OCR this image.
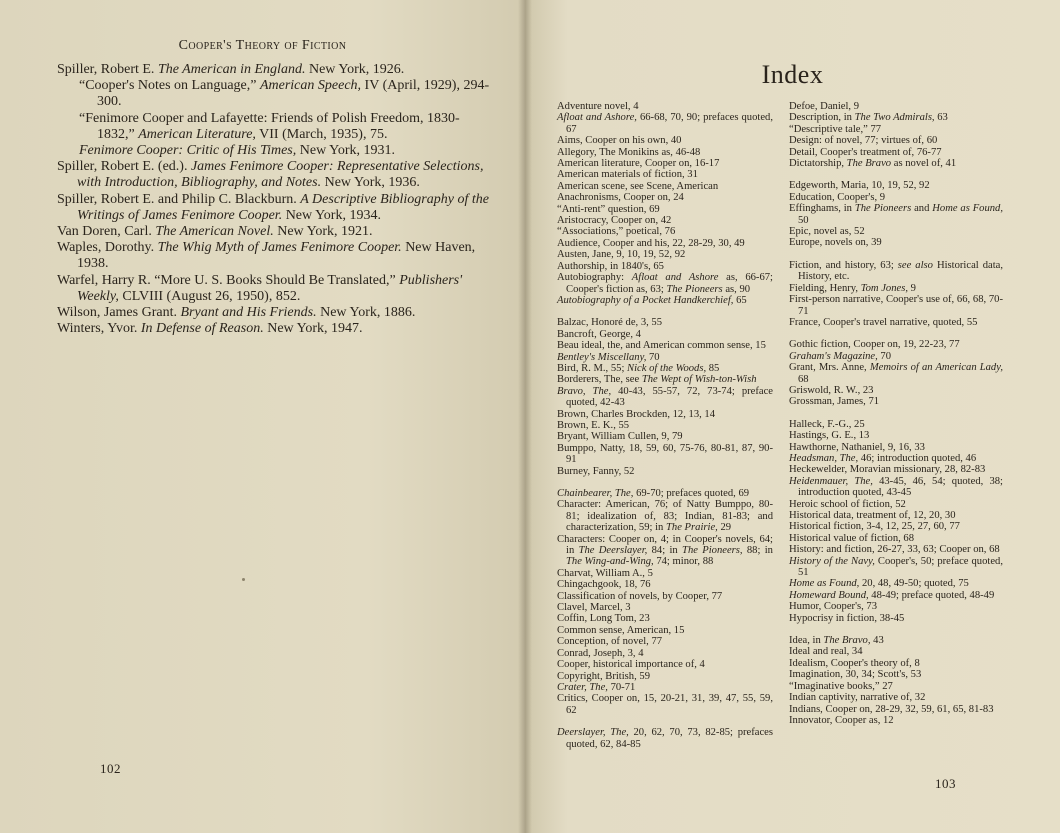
Cooper's Theory of Fiction

Spiller, Robert E. The American in England. New York, 1926.

“Cooper's Notes on Language,” American Speech, IV (April, 1929), 294-300.

“Fenimore Cooper and Lafayette: Friends of Polish Freedom, 1830-1832,” American Literature, VII (March, 1935), 75.

Fenimore Cooper: Critic of His Times, New York, 1931.

Spiller, Robert E. (ed.). James Fenimore Cooper: Representative Selections, with Introduction, Bibliography, and Notes. New York, 1936.

Spiller, Robert E. and Philip C. Blackburn. A Descriptive Bibliography of the Writings of James Fenimore Cooper. New York, 1934.

Van Doren, Carl. The American Novel. New York, 1921.

Waples, Dorothy. The Whig Myth of James Fenimore Cooper. New Haven, 1938.

Warfel, Harry R. “More U. S. Books Should Be Translated,” Publishers' Weekly, CLVIII (August 26, 1950), 852.

Wilson, James Grant. Bryant and His Friends. New York, 1886.

Winters, Yvor. In Defense of Reason. New York, 1947.

102
Index

Adventure novel, 4

Afloat and Ashore, 66-68, 70, 90; prefaces quoted, 67

Aims, Cooper on his own, 40

Allegory, The Monikins as, 46-48

American literature, Cooper on, 16-17

American materials of fiction, 31

American scene, see Scene, American

Anachronisms, Cooper on, 24

“Anti-rent” question, 69

Aristocracy, Cooper on, 42

“Associations,” poetical, 76

Audience, Cooper and his, 22, 28-29, 30, 49

Austen, Jane, 9, 10, 19, 52, 92

Authorship, in 1840's, 65

Autobiography: Afloat and Ashore as, 66-67; Cooper's fiction as, 63; The Pioneers as, 90

Autobiography of a Pocket Handkerchief, 65

Balzac, Honoré de, 3, 55

Bancroft, George, 4

Beau ideal, the, and American common sense, 15

Bentley's Miscellany, 70

Bird, R. M., 55; Nick of the Woods, 85

Borderers, The, see The Wept of Wish-ton-Wish

Bravo, The, 40-43, 55-57, 72, 73-74; preface quoted, 42-43

Brown, Charles Brockden, 12, 13, 14

Brown, E. K., 55

Bryant, William Cullen, 9, 79

Bumppo, Natty, 18, 59, 60, 75-76, 80-81, 87, 90-91

Burney, Fanny, 52

Chainbearer, The, 69-70; prefaces quoted, 69

Character: American, 76; of Natty Bumppo, 80-81; idealization of, 83; Indian, 81-83; and characterization, 59; in The Prairie, 29

Characters: Cooper on, 4; in Cooper's novels, 64; in The Deerslayer, 84; in The Pioneers, 88; in The Wing-and-Wing, 74; minor, 88

Charvat, William A., 5

Chingachgook, 18, 76

Classification of novels, by Cooper, 77

Clavel, Marcel, 3

Coffin, Long Tom, 23

Common sense, American, 15

Conception, of novel, 77

Conrad, Joseph, 3, 4

Cooper, historical importance of, 4

Copyright, British, 59

Crater, The, 70-71

Critics, Cooper on, 15, 20-21, 31, 39, 47, 55, 59, 62

Deerslayer, The, 20, 62, 70, 73, 82-85; prefaces quoted, 62, 84-85

Defoe, Daniel, 9

Description, in The Two Admirals, 63

“Descriptive tale,” 77

Design: of novel, 77; virtues of, 60

Detail, Cooper's treatment of, 76-77

Dictatorship, The Bravo as novel of, 41

Edgeworth, Maria, 10, 19, 52, 92

Education, Cooper's, 9

Effinghams, in The Pioneers and Home as Found, 50

Epic, novel as, 52

Europe, novels on, 39

Fiction, and history, 63; see also Historical data, History, etc.

Fielding, Henry, Tom Jones, 9

First-person narrative, Cooper's use of, 66, 68, 70-71

France, Cooper's travel narrative, quoted, 55

Gothic fiction, Cooper on, 19, 22-23, 77

Graham's Magazine, 70

Grant, Mrs. Anne, Memoirs of an American Lady, 68

Griswold, R. W., 23

Grossman, James, 71

Halleck, F.-G., 25

Hastings, G. E., 13

Hawthorne, Nathaniel, 9, 16, 33

Headsman, The, 46; introduction quoted, 46

Heckewelder, Moravian missionary, 28, 82-83

Heidenmauer, The, 43-45, 46, 54; quoted, 38; introduction quoted, 43-45

Heroic school of fiction, 52

Historical data, treatment of, 12, 20, 30

Historical fiction, 3-4, 12, 25, 27, 60, 77

Historical value of fiction, 68

History: and fiction, 26-27, 33, 63; Cooper on, 68

History of the Navy, Cooper's, 50; preface quoted, 51

Home as Found, 20, 48, 49-50; quoted, 75

Homeward Bound, 48-49; preface quoted, 48-49

Humor, Cooper's, 73

Hypocrisy in fiction, 38-45

Idea, in The Bravo, 43

Ideal and real, 34

Idealism, Cooper's theory of, 8

Imagination, 30, 34; Scott's, 53

“Imaginative books,” 27

Indian captivity, narrative of, 32

Indians, Cooper on, 28-29, 32, 59, 61, 65, 81-83

Innovator, Cooper as, 12

103
